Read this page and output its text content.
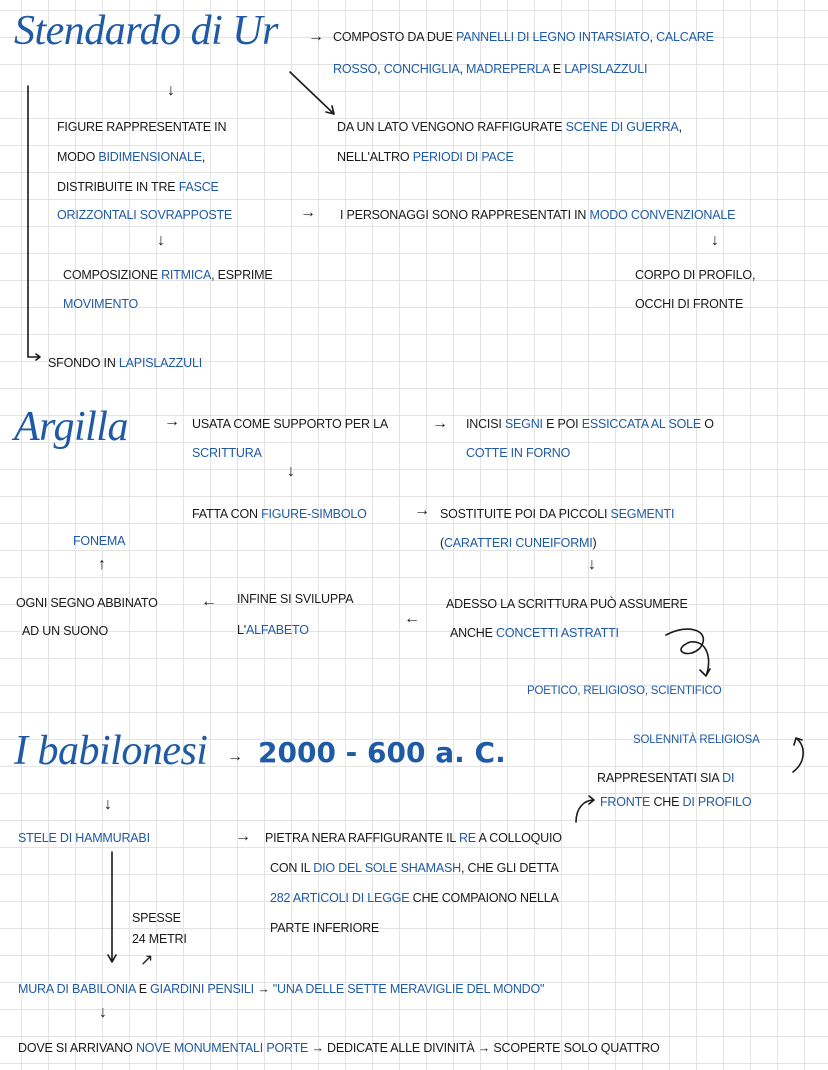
Stendardo di Ur
Argilla
I babilonesi 2000 - 600 a. C.
COMPOSTO DA DUE PANNELLI DI LEGNO INTARSIATO, CALCARE
ROSSO, CONCHIGLIA, MADREPERLA E LAPISLAZZULI
FIGURE RAPPRESENTATE IN
MODO BIDIMENSIONALE,
DISTRIBUITE IN TRE FASCE
ORIZZONTALI SOVRAPPOSTE
DA UN LATO VENGONO RAFFIGURATE SCENE DI GUERRA,
NELL'ALTRO PERIODI DI PACE
I PERSONAGGI SONO RAPPRESENTATI IN MODO CONVENZIONALE
COMPOSIZIONE RITMICA, ESPRIME
MOVIMENTO
CORPO DI PROFILO,
OCCHI DI FRONTE
SFONDO IN LAPISLAZZULI
USATA COME SUPPORTO PER LA
SCRITTURA
INCISI SEGNI E POI ESSICCATA AL SOLE O
COTTE IN FORNO
FATTA CON FIGURE-SIMBOLO	SOSTITUITE POI DA PICCOLI SEGMENTI
(CARATTERI CUNEIFORMI)
FONEMA
OGNI SEGNO ABBINATO
AD UN SUONO
INFINE SI SVILUPPA
L'ALFABETO
ADESSO LA SCRITTURA PUÒ ASSUMERE
ANCHE CONCETTI ASTRATTI
POETICO, RELIGIOSO, SCIENTIFICO
SOLENNITÀ RELIGIOSA
RAPPRESENTATI SIA DI
FRONTE CHE DI PROFILO
STELE DI HAMMURABI	PIETRA NERA RAFFIGURANTE IL RE A COLLOQUIO
CON IL DIO DEL SOLE SHAMASH, CHE GLI DETTA
282 ARTICOLI DI LEGGE CHE COMPAIONO NELLA
PARTE INFERIORE
SPESSE
24 METRI
MURA DI BABILONIA E GIARDINI PENSILI → "UNA DELLE SETTE MERAVIGLIE DEL MONDO"
DOVE SI ARRIVANO NOVE MONUMENTALI PORTE → DEDICATE ALLE DIVINITÀ → SCOPERTE SOLO QUATTRO
→
↓
→
↓	↓
→	→
↓
→
↑	↓
←
←
→
↓
→
↗
↓
